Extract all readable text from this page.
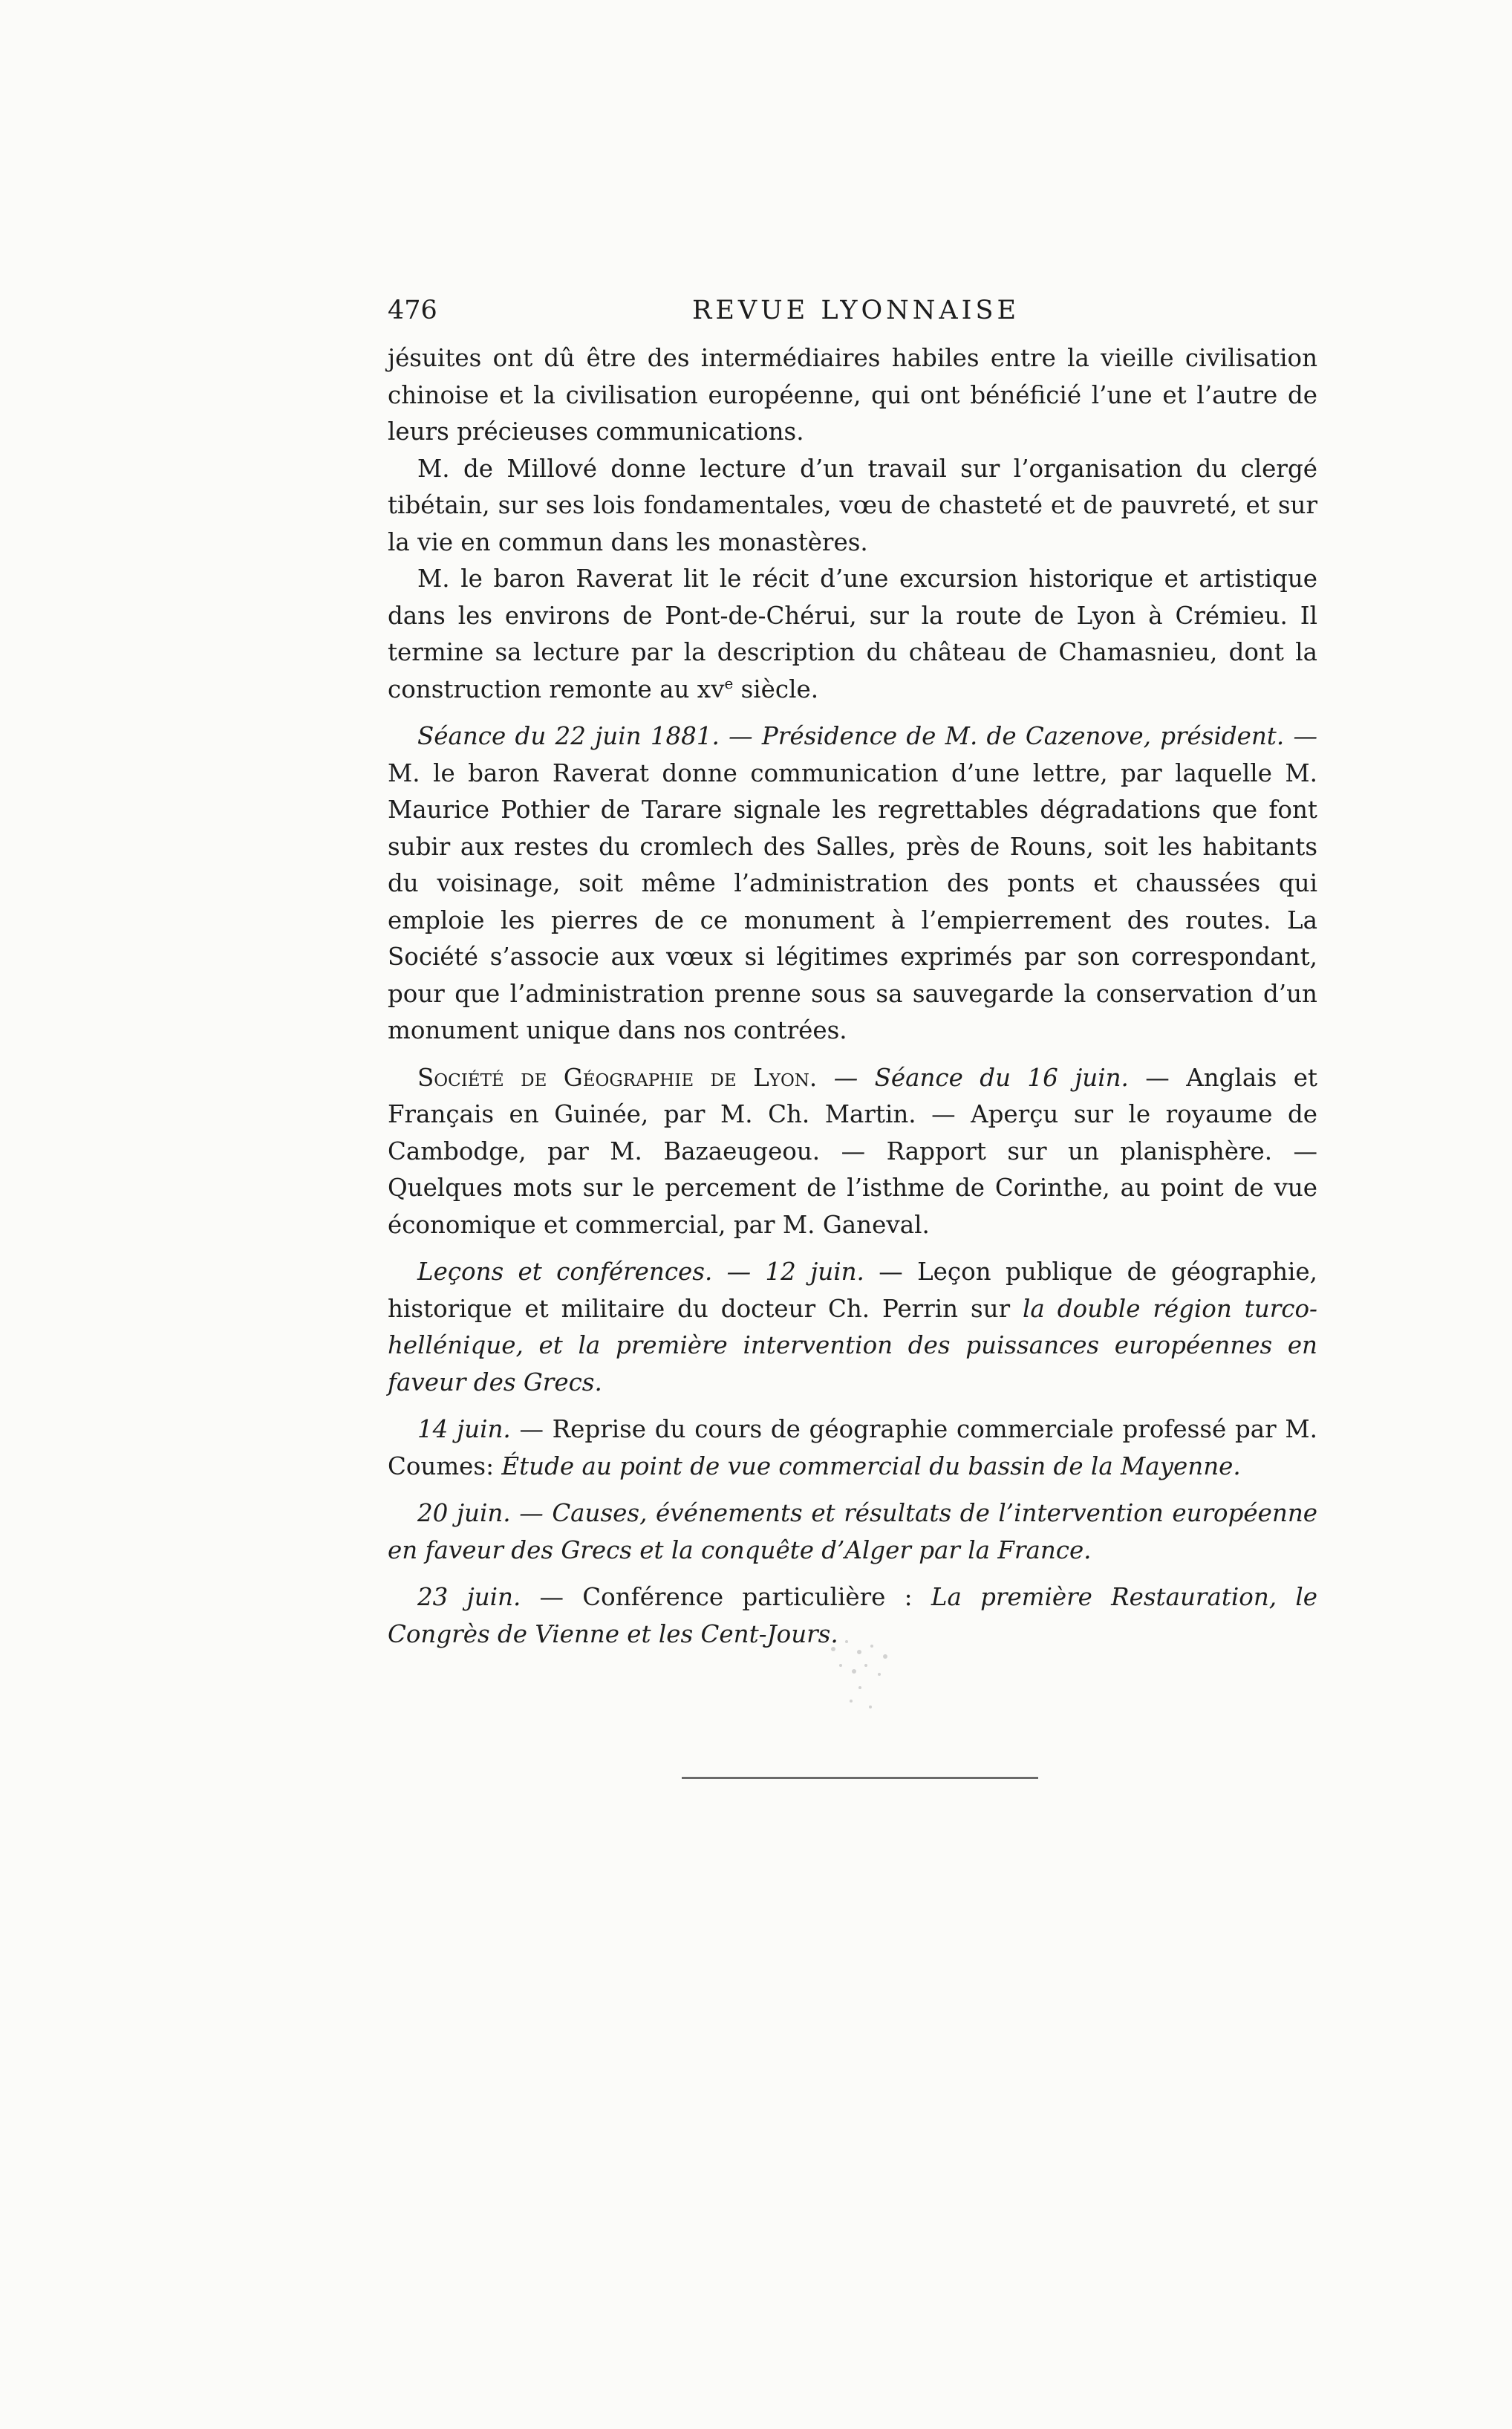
476	REVUE LYONNAISE

jésuites ont dû être des intermédiaires habiles entre la vieille civilisation chinoise et la civilisation européenne, qui ont bénéficié l’une et l’autre de leurs précieuses communications.

M. de Millové donne lecture d’un travail sur l’organisation du clergé tibétain, sur ses lois fondamentales, vœu de chasteté et de pauvreté, et sur la vie en commun dans les monastères.

M. le baron Raverat lit le récit d’une excursion historique et artistique dans les environs de Pont-de-Chérui, sur la route de Lyon à Crémieu. Il termine sa lecture par la description du château de Chamasnieu, dont la construction remonte au $xv^e$ siècle.

Séance du 22 juin 1881. — Présidence de M. de Cazenove, président. — M. le baron Raverat donne communication d’une lettre, par laquelle M. Maurice Pothier de Tarare signale les regrettables dégradations que font subir aux restes du cromlech des Salles, près de Rouns, soit les habitants du voisinage, soit même l’administration des ponts et chaussées qui emploie les pierres de ce monument à l’empierrement des routes. La Société s’associe aux vœux si légitimes exprimés par son correspondant, pour que l’administration prenne sous sa sauvegarde la conservation d’un monument unique dans nos contrées.

Société de Géographie de Lyon. — Séance du 16 juin. — Anglais et Français en Guinée, par M. Ch. Martin. — Aperçu sur le royaume de Cambodge, par M. Bazaeugeou. — Rapport sur un planisphère. — Quelques mots sur le percement de l’isthme de Corinthe, au point de vue économique et commercial, par M. Ganeval.

Leçons et conférences. — 12 juin. — Leçon publique de géographie, historique et militaire du docteur Ch. Perrin sur la double région turco-hellénique, et la première intervention des puissances européennes en faveur des Grecs.

14 juin. — Reprise du cours de géographie commerciale professé par M. Coumes: Étude au point de vue commercial du bassin de la Mayenne.

20 juin. — Causes, événements et résultats de l’intervention européenne en faveur des Grecs et la conquête d’Alger par la France.

23 juin. — Conférence particulière : La première Restauration, le Congrès de Vienne et les Cent-Jours.
